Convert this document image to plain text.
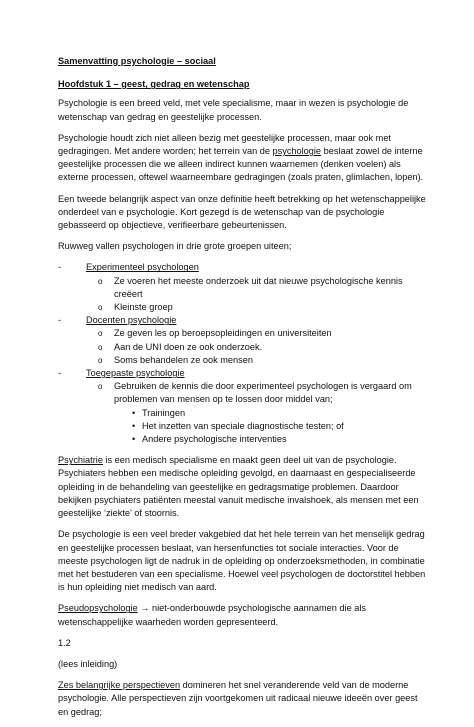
Samenvatting psychologie – sociaal

Hoofdstuk 1 – geest, gedrag en wetenschap

Psychologie is een breed veld, met vele specialisme, maar in wezen is psychologie de wetenschap van gedrag en geestelijke processen.

Psychologie houdt zich niet alleen bezig met geestelijke processen, maar ook met gedragingen. Met andere worden; het terrein van de psychologie beslaat zowel de interne geestelijke processen die we alleen indirect kunnen waarnemen (denken voelen) als externe processen, oftewel waarneembare gedragingen (zoals praten, glimlachen, lopen).

Een tweede belangrijk aspect van onze definitie heeft betrekking op het wetenschappelijke onderdeel van e psychologie. Kort gezegd is de wetenschap van de psychologie gebasseerd op objectieve, verifieerbare gebeurtenissen.

Ruwweg vallen psychologen in drie grote groepen uiteen;

- Experimenteel psychologen
o Ze voeren het meeste onderzoek uit dat nieuwe psychologische kennis creëert
o Kleinste groep
- Docenten psychologie
o Ze geven les op beroepsopleidingen en universiteiten
o Aan de UNI doen ze ook onderzoek.
o Soms behandelen ze ook mensen
- Toegepaste psychologie
o Gebruiken de kennis die door experimenteel psychologen is vergaard om problemen van mensen op te lossen door middel van;
• Trainingen
• Het inzetten van speciale diagnostische testen; of
• Andere psychologische interventies

Psychiatrie is een medisch specialisme en maakt geen deel uit van de psychologie. Psychiaters hebben een medische opleiding gevolgd, en daarnaast en gespecialiseerde opleiding in de behandeling van geestelijke en gedragsmatige problemen. Daardoor bekijken psychiaters patiënten meestal vanuit medische invalshoek, als mensen met een geestelijke ‘ziekte’ of stoornis.

De psychologie is een veel breder vakgebied dat het hele terrein van het menselijk gedrag en geestelijke processen beslaat, van hersenfuncties tot sociale interacties. Voor de meeste psychologen ligt de nadruk in de opleiding op onderzoeksmethoden, in combinatie met het bestuderen van een specialisme. Hoewel veel psychologen de doctorstitel hebben is hun opleiding niet medisch van aard.

Pseudopsychologie → niet-onderbouwde psychologische aannamen die als wetenschappelijke waarheden worden gepresenteerd.

1.2

(lees inleiding)

Zes belangrijke perspectieven domineren het snel veranderende veld van de moderne psychologie. Alle perspectieven zijn voortgekomen uit radicaal nieuwe ideeën over geest en gedrag;
